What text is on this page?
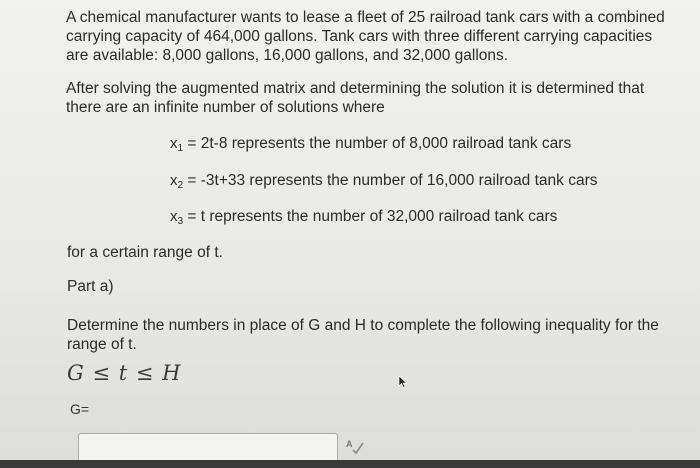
A chemical manufacturer wants to lease a fleet of 25 railroad tank cars with a combined carrying capacity of 464,000 gallons. Tank cars with three different carrying capacities are available: 8,000 gallons, 16,000 gallons, and 32,000 gallons.

After solving the augmented matrix and determining the solution it is determined that there are an infinite number of solutions where

$x_1 = 2t-8$ represents the number of 8,000 railroad tank cars
$x_2 = -3t+33$ represents the number of 16,000 railroad tank cars
$x_3 = t$ represents the number of 32,000 railroad tank cars
for a certain range of t.
Part a)

Determine the numbers in place of G and H to complete the following inequality for the range of t.

G ≤ t ≤ H
G=
A
